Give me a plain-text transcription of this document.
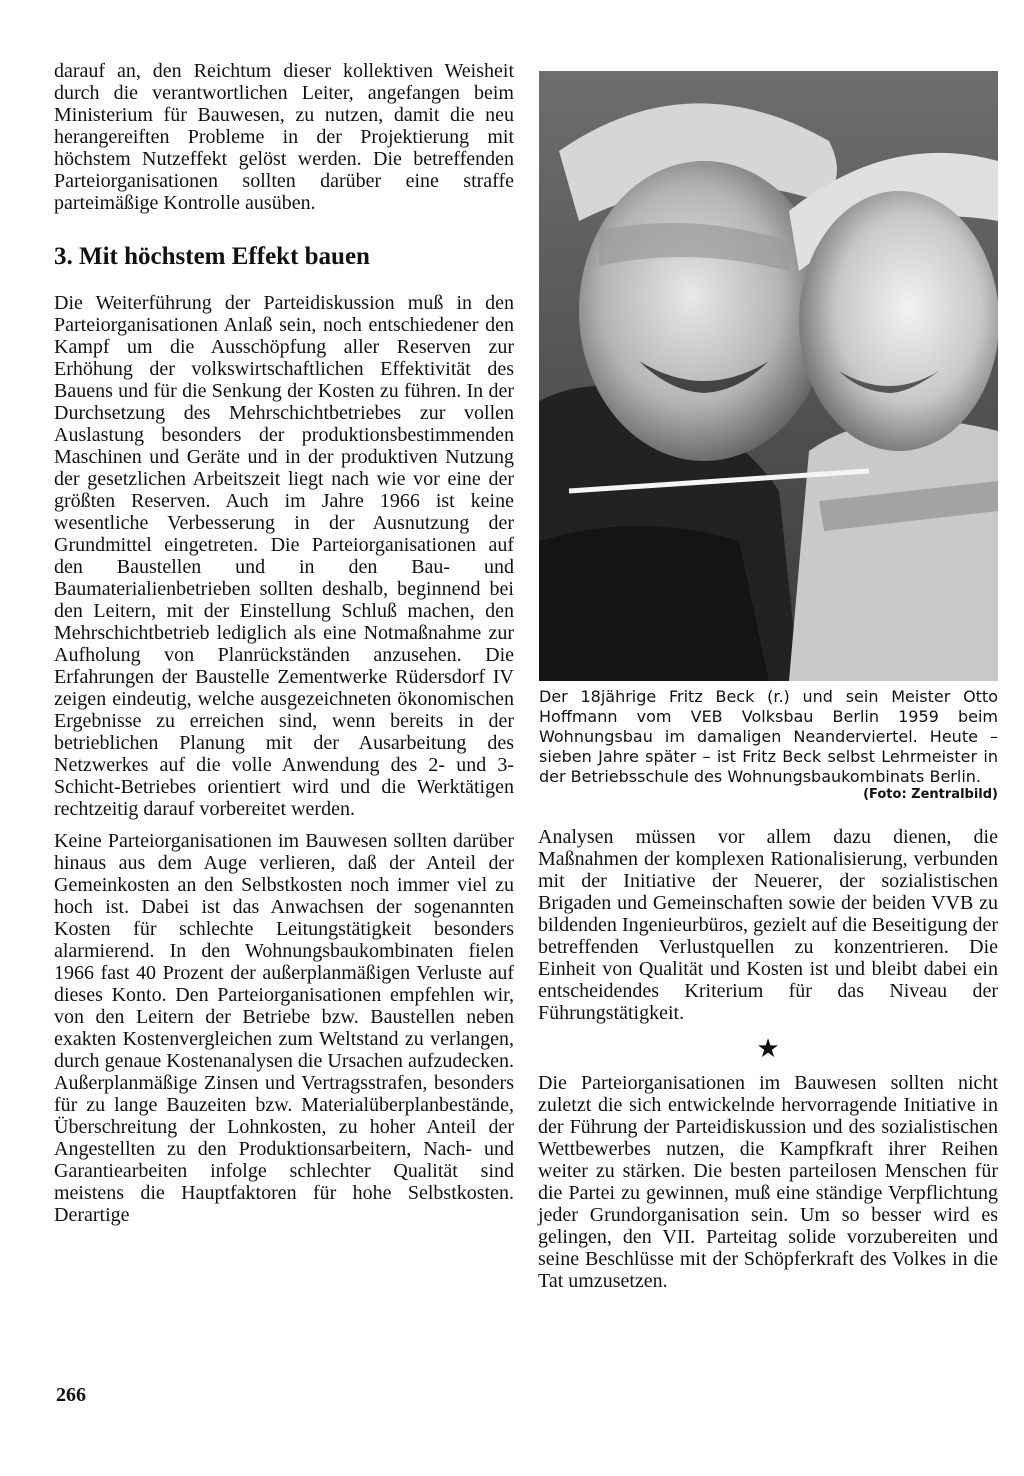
darauf an, den Reichtum dieser kollektiven Weisheit durch die verantwortlichen Leiter, angefangen beim Ministerium für Bauwesen, zu nutzen, damit die neu herangereiften Probleme in der Projektierung mit höchstem Nutzeffekt gelöst werden. Die betreffenden Parteiorganisationen sollten darüber eine straffe parteimäßige Kontrolle ausüben.

3. Mit höchstem Effekt bauen

Die Weiterführung der Parteidiskussion muß in den Parteiorganisationen Anlaß sein, noch entschiedener den Kampf um die Ausschöpfung aller Reserven zur Erhöhung der volkswirtschaftlichen Effektivität des Bauens und für die Senkung der Kosten zu führen. In der Durchsetzung des Mehrschichtbetriebes zur vollen Auslastung besonders der produktionsbestimmenden Maschinen und Geräte und in der produktiven Nutzung der gesetzlichen Arbeitszeit liegt nach wie vor eine der größten Reserven. Auch im Jahre 1966 ist keine wesentliche Verbesserung in der Ausnutzung der Grundmittel eingetreten. Die Parteiorganisationen auf den Baustellen und in den Bau- und Baumaterialienbetrieben sollten deshalb, beginnend bei den Leitern, mit der Einstellung Schluß machen, den Mehrschichtbetrieb lediglich als eine Notmaßnahme zur Aufholung von Planrückständen anzusehen. Die Erfahrungen der Baustelle Zementwerke Rüdersdorf IV zeigen eindeutig, welche ausgezeichneten ökonomischen Ergebnisse zu erreichen sind, wenn bereits in der betrieblichen Planung mit der Ausarbeitung des Netzwerkes auf die volle Anwendung des 2- und 3-Schicht-Betriebes orientiert wird und die Werktätigen rechtzeitig darauf vorbereitet werden.

Keine Parteiorganisationen im Bauwesen sollten darüber hinaus aus dem Auge verlieren, daß der Anteil der Gemeinkosten an den Selbstkosten noch immer viel zu hoch ist. Dabei ist das Anwachsen der sogenannten Kosten für schlechte Leitungstätigkeit besonders alarmierend. In den Wohnungsbaukombinaten fielen 1966 fast 40 Prozent der außerplanmäßigen Verluste auf dieses Konto. Den Parteiorganisationen empfehlen wir, von den Leitern der Betriebe bzw. Baustellen neben exakten Kostenvergleichen zum Weltstand zu verlangen, durch genaue Kostenanalysen die Ursachen aufzudecken. Außerplanmäßige Zinsen und Vertragsstrafen, besonders für zu lange Bauzeiten bzw. Materialüberplanbestände, Überschreitung der Lohnkosten, zu hoher Anteil der Angestellten zu den Produktionsarbeitern, Nach- und Garantiearbeiten infolge schlechter Qualität sind meistens die Hauptfaktoren für hohe Selbstkosten. Derartige

Der 18jährige Fritz Beck (r.) und sein Meister Otto Hoffmann vom VEB Volksbau Berlin 1959 beim Wohnungsbau im damaligen Neanderviertel. Heute – sieben Jahre später – ist Fritz Beck selbst Lehrmeister in der Betriebsschule des Wohnungsbaukombinats Berlin.
(Foto: Zentralbild)

Analysen müssen vor allem dazu dienen, die Maßnahmen der komplexen Rationalisierung, verbunden mit der Initiative der Neuerer, der sozialistischen Brigaden und Gemeinschaften sowie der beiden VVB zu bildenden Ingenieurbüros, gezielt auf die Beseitigung der betreffenden Verlustquellen zu konzentrieren. Die Einheit von Qualität und Kosten ist und bleibt dabei ein entscheidendes Kriterium für das Niveau der Führungstätigkeit.

★

Die Parteiorganisationen im Bauwesen sollten nicht zuletzt die sich entwickelnde hervorragende Initiative in der Führung der Parteidiskussion und des sozialistischen Wettbewerbes nutzen, die Kampfkraft ihrer Reihen weiter zu stärken. Die besten parteilosen Menschen für die Partei zu gewinnen, muß eine ständige Verpflichtung jeder Grundorganisation sein. Um so besser wird es gelingen, den VII. Parteitag solide vorzubereiten und seine Beschlüsse mit der Schöpferkraft des Volkes in die Tat umzusetzen.

266
